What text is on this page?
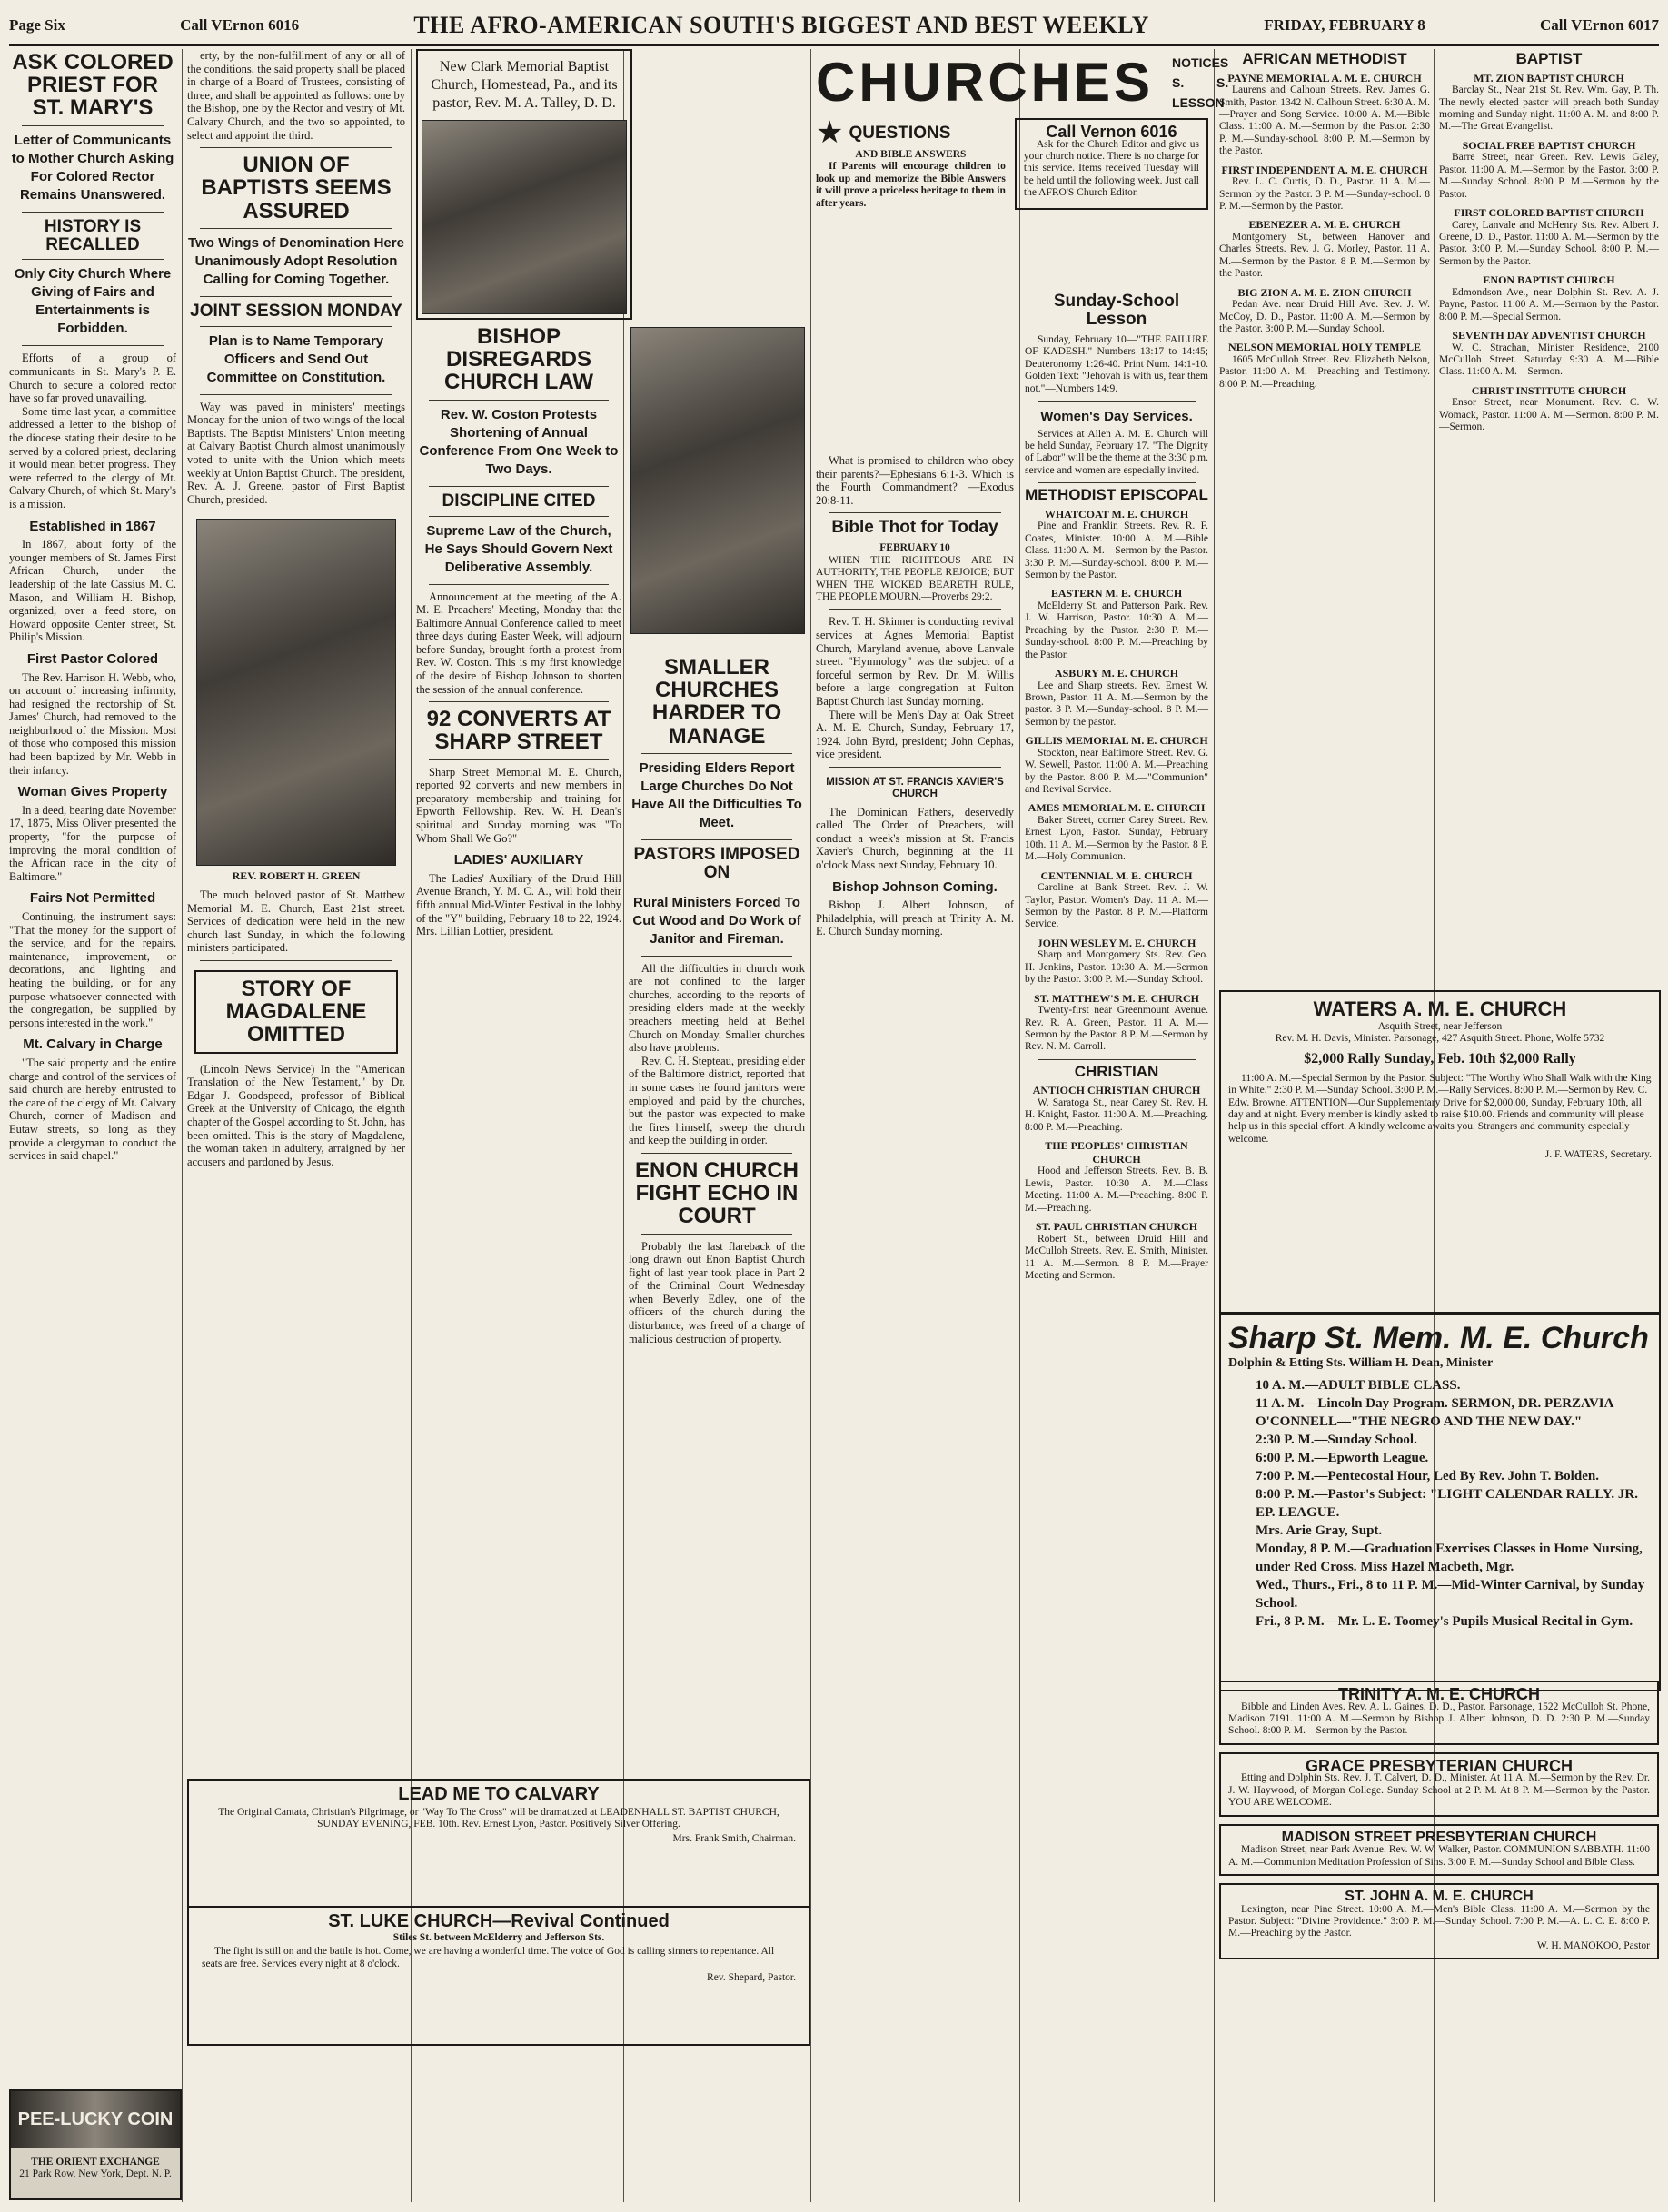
Page Six	Call VErnon 6016	THE AFRO-AMERICAN SOUTH'S BIGGEST AND BEST WEEKLY	FRIDAY, FEBRUARY 8	Call VErnon 6017
ASK COLORED PRIEST FOR ST. MARY'S
Letter of Communicants to Mother Church Asking For Colored Rector Remains Unanswered.
HISTORY IS RECALLED
Only City Church Where Giving of Fairs and Entertainments is Forbidden.

Efforts of a group of communicants in St. Mary's P. E. Church to secure a colored rector have so far proved unavailing.

Some time last year, a committee addressed a letter to the bishop of the diocese stating their desire to be served by a colored priest, declaring it would mean better progress. They were referred to the clergy of Mt. Calvary Church, of which St. Mary's is a mission.

Established in 1867

In 1867, about forty of the younger members of St. James First African Church, under the leadership of the late Cassius M. C. Mason, and William H. Bishop, organized, over a feed store, on Howard opposite Center street, St. Philip's Mission.

First Pastor Colored

The Rev. Harrison H. Webb, who, on account of increasing infirmity, had resigned the rectorship of St. James' Church, had removed to the neighborhood of the Mission. Most of those who composed this mission had been baptized by Mr. Webb in their infancy.

Woman Gives Property

In a deed, bearing date November 17, 1875, Miss Oliver presented the property, "for the purpose of improving the moral condition of the African race in the city of Baltimore."

Fairs Not Permitted

Continuing, the instrument says: "That the money for the support of the service, and for the repairs, maintenance, improvement, or decorations, and lighting and heating the building, or for any purpose whatsoever connected with the congregation, be supplied by persons interested in the work."

Mt. Calvary in Charge

"The said property and the entire charge and control of the services of said church are hereby entrusted to the care of the clergy of Mt. Calvary Church, corner of Madison and Eutaw streets, so long as they provide a clergyman to conduct the services in said chapel."

PEE-LUCKY COIN
THE ORIENT EXCHANGE
21 Park Row, New York, Dept. N. P.

erty, by the non-fulfillment of any or all of the conditions, the said property shall be placed in charge of a Board of Trustees, consisting of three, and shall be appointed as follows: one by the Bishop, one by the Rector and vestry of Mt. Calvary Church, and the two so appointed, to select and appoint the third.

UNION OF BAPTISTS SEEMS ASSURED
Two Wings of Denomination Here Unanimously Adopt Resolution Calling for Coming Together.
JOINT SESSION MONDAY
Plan is to Name Temporary Officers and Send Out Committee on Constitution.

Way was paved in ministers' meetings Monday for the union of two wings of the local Baptists. The Baptist Ministers' Union meeting at Calvary Baptist Church almost unanimously voted to unite with the Union which meets weekly at Union Baptist Church. The president, Rev. A. J. Greene, pastor of First Baptist Church, presided.

REV. ROBERT H. GREEN

The much beloved pastor of St. Matthew Memorial M. E. Church, East 21st street. Services of dedication were held in the new church last Sunday, in which the following ministers participated.

STORY OF MAGDALENE OMITTED

(Lincoln News Service) In the "American Translation of the New Testament," by Dr. Edgar J. Goodspeed, professor of Biblical Greek at the University of Chicago, the eighth chapter of the Gospel according to St. John, has been omitted. This is the story of Magdalene, the woman taken in adultery, arraigned by her accusers and pardoned by Jesus.

New Clark Memorial Baptist Church, Homestead, Pa., and its pastor, Rev. M. A. Talley, D. D.
BISHOP DISREGARDS CHURCH LAW
Rev. W. Coston Protests Shortening of Annual Conference From One Week to Two Days.
DISCIPLINE CITED
Supreme Law of the Church, He Says Should Govern Next Deliberative Assembly.

Announcement at the meeting of the A. M. E. Preachers' Meeting, Monday that the Baltimore Annual Conference called to meet three days during Easter Week, will adjourn before Sunday, brought forth a protest from Rev. W. Coston. This is my first knowledge of the desire of Bishop Johnson to shorten the session of the annual conference.

92 CONVERTS AT SHARP STREET

Sharp Street Memorial M. E. Church, reported 92 converts and new members in preparatory membership and training for Epworth Fellowship. Rev. W. H. Dean's spiritual and Sunday morning was "To Whom Shall We Go?"

LADIES' AUXILIARY

The Ladies' Auxiliary of the Druid Hill Avenue Branch, Y. M. C. A., will hold their fifth annual Mid-Winter Festival in the lobby of the "Y" building, February 18 to 22, 1924. Mrs. Lillian Lottier, president.

SMALLER CHURCHES HARDER TO MANAGE
Presiding Elders Report Large Churches Do Not Have All the Difficulties To Meet.
PASTORS IMPOSED ON
Rural Ministers Forced To Cut Wood and Do Work of Janitor and Fireman.

All the difficulties in church work are not confined to the larger churches, according to the reports of presiding elders made at the weekly preachers meeting held at Bethel Church on Monday. Smaller churches also have problems.

Rev. C. H. Stepteau, presiding elder of the Baltimore district, reported that in some cases he found janitors were employed and paid by the churches, but the pastor was expected to make the fires himself, sweep the church and keep the building in order.

ENON CHURCH FIGHT ECHO IN COURT

Probably the last flareback of the long drawn out Enon Baptist Church fight of last year took place in Part 2 of the Criminal Court Wednesday when Beverly Edley, one of the officers of the church during the disturbance, was freed of a charge of malicious destruction of property.

What is promised to children who obey their parents?—Ephesians 6:1-3. Which is the Fourth Commandment? —Exodus 20:8-11.

Bible Thot for Today
FEBRUARY 10

WHEN THE RIGHTEOUS ARE IN AUTHORITY, THE PEOPLE REJOICE; BUT WHEN THE WICKED BEARETH RULE, THE PEOPLE MOURN.—Proverbs 29:2.

Rev. T. H. Skinner is conducting revival services at Agnes Memorial Baptist Church, Maryland avenue, above Lanvale street. "Hymnology" was the subject of a forceful sermon by Rev. Dr. M. Willis before a large congregation at Fulton Baptist Church last Sunday morning.

There will be Men's Day at Oak Street A. M. E. Church, Sunday, February 17, 1924. John Byrd, president; John Cephas, vice president.

MISSION AT ST. FRANCIS XAVIER'S CHURCH

The Dominican Fathers, deservedly called The Order of Preachers, will conduct a week's mission at St. Francis Xavier's Church, beginning at the 11 o'clock Mass next Sunday, February 10.

Bishop Johnson Coming.

Bishop J. Albert Johnson, of Philadelphia, will preach at Trinity A. M. E. Church Sunday morning.

CHURCHES NOTICES
S. S. LESSON
★ QUESTIONS
AND BIBLE ANSWERS

If Parents will encourage children to look up and memorize the Bible Answers it will prove a priceless heritage to them in after years.

Call Vernon 6016

Ask for the Church Editor and give us your church notice. There is no charge for this service. Items received Tuesday will be held until the following week. Just call the AFRO'S Church Editor.

Sunday-School Lesson

Sunday, February 10—"THE FAILURE OF KADESH." Numbers 13:17 to 14:45; Deuteronomy 1:26-40. Print Num. 14:1-10. Golden Text: "Jehovah is with us, fear them not."—Numbers 14:9.

Women's Day Services.

Services at Allen A. M. E. Church will be held Sunday, February 17. "The Dignity of Labor" will be the theme at the 3:30 p.m. service and women are especially invited.

METHODIST EPISCOPAL
WHATCOAT M. E. CHURCH

Pine and Franklin Streets. Rev. R. F. Coates, Minister. 10:00 A. M.—Bible Class. 11:00 A. M.—Sermon by the Pastor. 3:30 P. M.—Sunday-school. 8:00 P. M.—Sermon by the Pastor.

EASTERN M. E. CHURCH

McElderry St. and Patterson Park. Rev. J. W. Harrison, Pastor. 10:30 A. M.—Preaching by the Pastor. 2:30 P. M.—Sunday-school. 8:00 P. M.—Preaching by the Pastor.

ASBURY M. E. CHURCH

Lee and Sharp streets. Rev. Ernest W. Brown, Pastor. 11 A. M.—Sermon by the pastor. 3 P. M.—Sunday-school. 8 P. M.—Sermon by the pastor.

GILLIS MEMORIAL M. E. CHURCH

Stockton, near Baltimore Street. Rev. G. W. Sewell, Pastor. 11:00 A. M.—Preaching by the Pastor. 8:00 P. M.—"Communion" and Revival Service.

AMES MEMORIAL M. E. CHURCH

Baker Street, corner Carey Street. Rev. Ernest Lyon, Pastor. Sunday, February 10th. 11 A. M.—Sermon by the Pastor. 8 P. M.—Holy Communion.

CENTENNIAL M. E. CHURCH

Caroline at Bank Street. Rev. J. W. Taylor, Pastor. Women's Day. 11 A. M.—Sermon by the Pastor. 8 P. M.—Platform Service.

JOHN WESLEY M. E. CHURCH

Sharp and Montgomery Sts. Rev. Geo. H. Jenkins, Pastor. 10:30 A. M.—Sermon by the Pastor. 3:00 P. M.—Sunday School.

ST. MATTHEW'S M. E. CHURCH

Twenty-first near Greenmount Avenue. Rev. R. A. Green, Pastor. 11 A. M.—Sermon by the Pastor. 8 P. M.—Sermon by Rev. N. M. Carroll.

CHRISTIAN
ANTIOCH CHRISTIAN CHURCH

W. Saratoga St., near Carey St. Rev. H. H. Knight, Pastor. 11:00 A. M.—Preaching. 8:00 P. M.—Preaching.

THE PEOPLES' CHRISTIAN CHURCH

Hood and Jefferson Streets. Rev. B. B. Lewis, Pastor. 10:30 A. M.—Class Meeting. 11:00 A. M.—Preaching. 8:00 P. M.—Preaching.

ST. PAUL CHRISTIAN CHURCH

Robert St., between Druid Hill and McCulloh Streets. Rev. E. Smith, Minister. 11 A. M.—Sermon. 8 P. M.—Prayer Meeting and Sermon.

AFRICAN METHODIST
PAYNE MEMORIAL A. M. E. CHURCH

Laurens and Calhoun Streets. Rev. James G. Smith, Pastor. 1342 N. Calhoun Street. 6:30 A. M.—Prayer and Song Service. 10:00 A. M.—Bible Class. 11:00 A. M.—Sermon by the Pastor. 2:30 P. M.—Sunday-school. 8:00 P. M.—Sermon by the Pastor.

FIRST INDEPENDENT A. M. E. CHURCH

Rev. L. C. Curtis, D. D., Pastor. 11 A. M.—Sermon by the Pastor. 3 P. M.—Sunday-school. 8 P. M.—Sermon by the Pastor.

EBENEZER A. M. E. CHURCH

Montgomery St., between Hanover and Charles Streets. Rev. J. G. Morley, Pastor. 11 A. M.—Sermon by the Pastor. 8 P. M.—Sermon by the Pastor.

BIG ZION A. M. E. ZION CHURCH

Pedan Ave. near Druid Hill Ave. Rev. J. W. McCoy, D. D., Pastor. 11:00 A. M.—Sermon by the Pastor. 3:00 P. M.—Sunday School.

NELSON MEMORIAL HOLY TEMPLE

1605 McCulloh Street. Rev. Elizabeth Nelson, Pastor. 11:00 A. M.—Preaching and Testimony. 8:00 P. M.—Preaching.

BAPTIST
MT. ZION BAPTIST CHURCH

Barclay St., Near 21st St. Rev. Wm. Gay, P. Th. The newly elected pastor will preach both Sunday morning and Sunday night. 11:00 A. M. and 8:00 P. M.—The Great Evangelist.

SOCIAL FREE BAPTIST CHURCH

Barre Street, near Green. Rev. Lewis Galey, Pastor. 11:00 A. M.—Sermon by the Pastor. 3:00 P. M.—Sunday School. 8:00 P. M.—Sermon by the Pastor.

FIRST COLORED BAPTIST CHURCH

Carey, Lanvale and McHenry Sts. Rev. Albert J. Greene, D. D., Pastor. 11:00 A. M.—Sermon by the Pastor. 3:00 P. M.—Sunday School. 8:00 P. M.—Sermon by the Pastor.

ENON BAPTIST CHURCH

Edmondson Ave., near Dolphin St. Rev. A. J. Payne, Pastor. 11:00 A. M.—Sermon by the Pastor. 8:00 P. M.—Special Sermon.

SEVENTH DAY ADVENTIST CHURCH

W. C. Strachan, Minister. Residence, 2100 McCulloh Street. Saturday 9:30 A. M.—Bible Class. 11:00 A. M.—Sermon.

CHRIST INSTITUTE CHURCH

Ensor Street, near Monument. Rev. C. W. Womack, Pastor. 11:00 A. M.—Sermon. 8:00 P. M.—Sermon.

WATERS A. M. E. CHURCH
Asquith Street, near Jefferson
Rev. M. H. Davis, Minister. Parsonage, 427 Asquith Street. Phone, Wolfe 5732
$2,000 Rally Sunday, Feb. 10th $2,000 Rally

11:00 A. M.—Special Sermon by the Pastor. Subject: "The Worthy Who Shall Walk with the King in White." 2:30 P. M.—Sunday School. 3:00 P. M.—Rally Services. 8:00 P. M.—Sermon by Rev. C. Edw. Browne. ATTENTION—Our Supplementary Drive for $2,000.00, Sunday, February 10th, all day and at night. Every member is kindly asked to raise $10.00. Friends and community will please help us in this special effort. A kindly welcome awaits you. Strangers and community especially welcome.

J. F. WATERS, Secretary.
Sharp St. Mem. M. E. Church
Dolphin & Etting Sts. William H. Dean, Minister
10 A. M.—ADULT BIBLE CLASS.
11 A. M.—Lincoln Day Program. SERMON, DR. PERZAVIA O'CONNELL—"THE NEGRO AND THE NEW DAY."
2:30 P. M.—Sunday School.
6:00 P. M.—Epworth League.
7:00 P. M.—Pentecostal Hour, Led By Rev. John T. Bolden.
8:00 P. M.—Pastor's Subject: "LIGHT CALENDAR RALLY. JR. EP. LEAGUE.
Mrs. Arie Gray, Supt.
Monday, 8 P. M.—Graduation Exercises Classes in Home Nursing, under Red Cross. Miss Hazel Macbeth, Mgr.
Wed., Thurs., Fri., 8 to 11 P. M.—Mid-Winter Carnival, by Sunday School.
Fri., 8 P. M.—Mr. L. E. Toomey's Pupils Musical Recital in Gym.
TRINITY A. M. E. CHURCH

Bibble and Linden Aves. Rev. A. L. Gaines, D. D., Pastor. Parsonage, 1522 McCulloh St. Phone, Madison 7191. 11:00 A. M.—Sermon by Bishop J. Albert Johnson, D. D. 2:30 P. M.—Sunday School. 8:00 P. M.—Sermon by the Pastor.

GRACE PRESBYTERIAN CHURCH

Etting and Dolphin Sts. Rev. J. T. Calvert, D. D., Minister. At 11 A. M.—Sermon by the Rev. Dr. J. W. Haywood, of Morgan College. Sunday School at 2 P. M. At 8 P. M.—Sermon by the Pastor. YOU ARE WELCOME.

MADISON STREET PRESBYTERIAN CHURCH

Madison Street, near Park Avenue. Rev. W. W. Walker, Pastor. COMMUNION SABBATH. 11:00 A. M.—Communion Meditation Profession of Sins. 3:00 P. M.—Sunday School and Bible Class.

ST. JOHN A. M. E. CHURCH

Lexington, near Pine Street. 10:00 A. M.—Men's Bible Class. 11:00 A. M.—Sermon by the Pastor. Subject: "Divine Providence." 3:00 P. M.—Sunday School. 7:00 P. M.—A. L. C. E. 8:00 P. M.—Preaching by the Pastor.

W. H. MANOKOO, Pastor
LEAD ME TO CALVARY

The Original Cantata, Christian's Pilgrimage, or "Way To The Cross" will be dramatized at LEADENHALL ST. BAPTIST CHURCH, SUNDAY EVENING, FEB. 10th. Rev. Ernest Lyon, Pastor. Positively Silver Offering.

Mrs. Frank Smith, Chairman.
ST. LUKE CHURCH—Revival Continued
Stiles St. between McElderry and Jefferson Sts.

The fight is still on and the battle is hot. Come, we are having a wonderful time. The voice of God is calling sinners to repentance. All seats are free. Services every night at 8 o'clock.

Rev. Shepard, Pastor.
